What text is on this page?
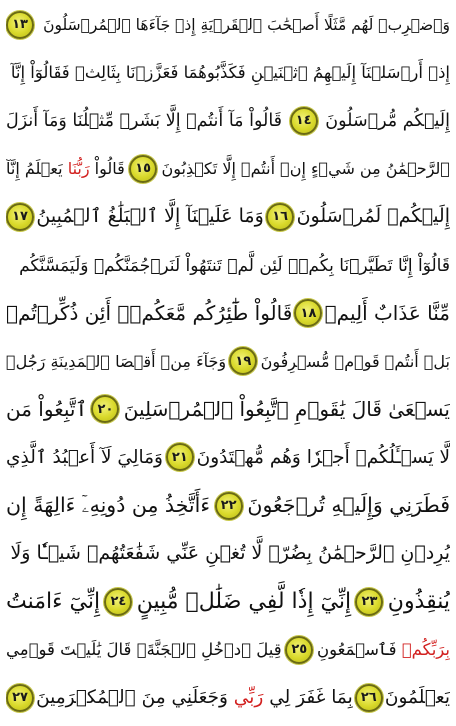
وَٱضۡرِبۡ لَهُم مَّثَلًا أَصۡحَٰبَ ٱلۡقَرۡيَةِ إِذۡ جَآءَهَا ٱلۡمُرۡسَلُونَ
١٣
إِذۡ أَرۡسَلۡنَآ إِلَيۡهِمُ ٱثۡنَيۡنِ فَكَذَّبُوهُمَا فَعَزَّزۡنَا بِثَالِثٖ فَقَالُوٓاْ إِنَّآ
إِلَيۡكُم مُّرۡسَلُونَ
١٤
قَالُواْ مَآ أَنتُمۡ إِلَّا بَشَرٞ مِّثۡلُنَا وَمَآ أَنزَلَ
ٱلرَّحۡمَٰنُ مِن شَيۡءٍ إِنۡ أَنتُمۡ إِلَّا تَكۡذِبُونَ
١٥
قَالُواْ رَبُّنَا يَعۡلَمُ إِنَّآ
إِلَيۡكُمۡ لَمُرۡسَلُونَ
١٦
وَمَا عَلَيۡنَآ إِلَّا ٱلۡبَلَٰغُ ٱلۡمُبِينُ
١٧
قَالُوٓاْ إِنَّا تَطَيَّرۡنَا بِكُمۡۖ لَئِن لَّمۡ تَنتَهُواْ لَنَرۡجُمَنَّكُمۡ وَلَيَمَسَّنَّكُم
مِّنَّا عَذَابٌ أَلِيمٞ
١٨
قَالُواْ طَٰٓئِرُكُم مَّعَكُمۡۚ أَئِن ذُكِّرۡتُمۚ
بَلۡ أَنتُمۡ قَوۡمٞ مُّسۡرِفُونَ
١٩
وَجَآءَ مِنۡ أَقۡصَا ٱلۡمَدِينَةِ رَجُلٞ
يَسۡعَىٰ قَالَ يَٰقَوۡمِ ٱتَّبِعُواْ ٱلۡمُرۡسَلِينَ
٢٠
ٱتَّبِعُواْ مَن
لَّا يَسۡـَٔلُكُمۡ أَجۡرٗا وَهُم مُّهۡتَدُونَ
٢١
وَمَالِيَ لَآ أَعۡبُدُ ٱلَّذِي
فَطَرَنِي وَإِلَيۡهِ تُرۡجَعُونَ
٢٢
ءَأَتَّخِذُ مِن دُونِهِۦٓ ءَالِهَةً إِن
يُرِدۡنِ ٱلرَّحۡمَٰنُ بِضُرّٖ لَّا تُغۡنِ عَنِّي شَفَٰعَتُهُمۡ شَيۡـٔٗا وَلَا
يُنقِذُونِ
٢٣
إِنِّيٓ إِذٗا لَّفِي ضَلَٰلٖ مُّبِينٍ
٢٤
إِنِّيٓ ءَامَنتُ
بِرَبِّكُمۡ فَٱسۡمَعُونِ
٢٥
قِيلَ ٱدۡخُلِ ٱلۡجَنَّةَۖ قَالَ يَٰلَيۡتَ قَوۡمِي
يَعۡلَمُونَ
٢٦
بِمَا غَفَرَ لِي رَبِّي وَجَعَلَنِي مِنَ ٱلۡمُكۡرَمِينَ
٢٧
